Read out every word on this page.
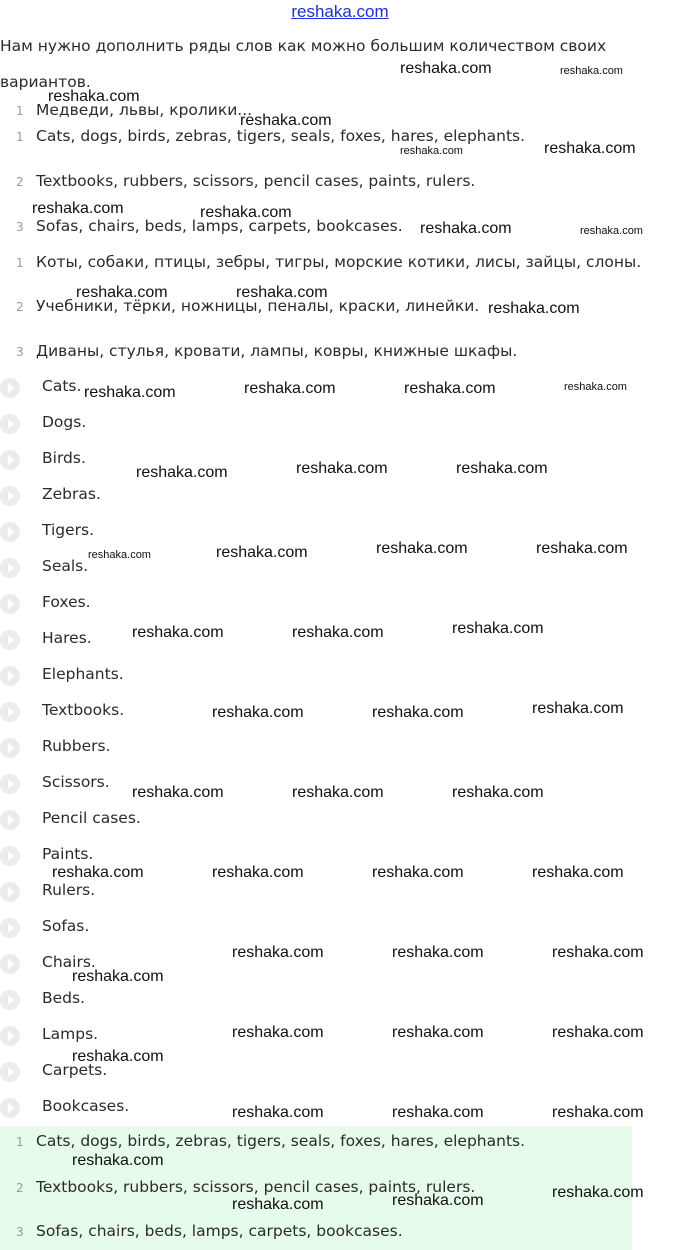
reshaka.com
Нам нужно дополнить ряды слов как можно большим количеством своих вариантов.
1 Медведи, львы, кролики...
1 Cats, dogs, birds, zebras, tigers, seals, foxes, hares, elephants.
2 Textbooks, rubbers, scissors, pencil cases, paints, rulers.
3 Sofas, chairs, beds, lamps, carpets, bookcases.
1 Коты, собаки, птицы, зебры, тигры, морские котики, лисы, зайцы, слоны.
2 Учебники, тёрки, ножницы, пеналы, краски, линейки.
3 Диваны, стулья, кровати, лампы, ковры, книжные шкафы.
Cats.
Dogs.
Birds.
Zebras.
Tigers.
Seals.
Foxes.
Hares.
Elephants.
Textbooks.
Rubbers.
Scissors.
Pencil cases.
Paints.
Rulers.
Sofas.
Chairs.
Beds.
Lamps.
Carpets.
Bookcases.
1 Cats, dogs, birds, zebras, tigers, seals, foxes, hares, elephants.
2 Textbooks, rubbers, scissors, pencil cases, paints, rulers.
3 Sofas, chairs, beds, lamps, carpets, bookcases.
reshaka.com	reshaka.com
reshaka.com
reshaka.com
reshaka.com	reshaka.com
reshaka.com	reshaka.com
reshaka.com	reshaka.com
reshaka.com	reshaka.com
reshaka.com
reshaka.com	reshaka.com	reshaka.com	reshaka.com
reshaka.com	reshaka.com	reshaka.com
reshaka.com	reshaka.com	reshaka.com	reshaka.com
reshaka.com	reshaka.com	reshaka.com
reshaka.com	reshaka.com	reshaka.com
reshaka.com	reshaka.com	reshaka.com
reshaka.com	reshaka.com	reshaka.com	reshaka.com
reshaka.com	reshaka.com	reshaka.com
reshaka.com
reshaka.com	reshaka.com	reshaka.com
reshaka.com
reshaka.com	reshaka.com	reshaka.com
reshaka.com
reshaka.com
reshaka.com
reshaka.com
